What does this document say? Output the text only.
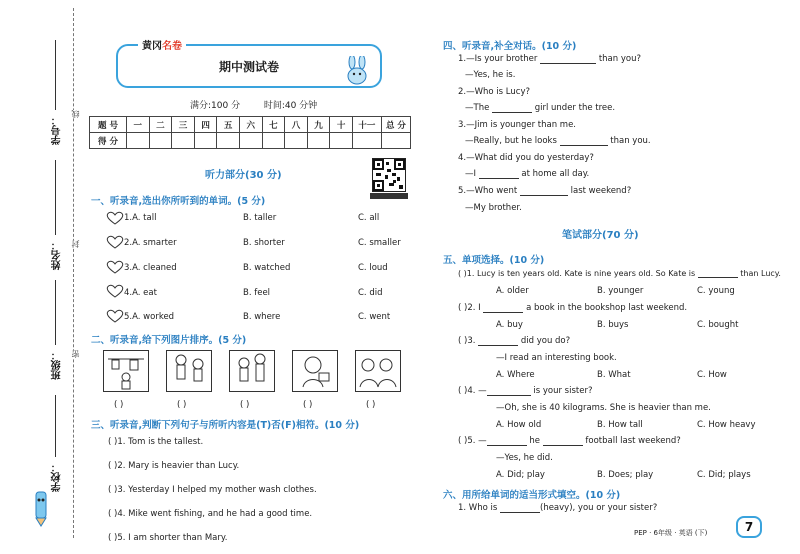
学号：
姓名：
班级：
学校：
线
封
密
黄冈名卷
期中测试卷
满分:100 分	时间:40 分钟
题 号	一	二	三	四	五	六	七	八	九	十	十一	总 分
得 分												
听力部分(30 分)
一、听录音,选出你所听到的单词。(5 分)
1.A. tall	B. taller	C. all
2.A. smarter	B. shorter	C. smaller
3.A. cleaned	B. watched	C. loud
4.A. eat	B. feel	C. did
5.A. worked	B. where	C. went
二、听录音,给下列图片排序。(5 分)
( )	( )	( )	( )	( )
三、听录音,判断下列句子与所听内容是(T)否(F)相符。(10 分)
( )1. Tom is the tallest.
( )2. Mary is heavier than Lucy.
( )3. Yesterday I helped my mother wash clothes.
( )4. Mike went fishing, and he had a good time.
( )5. I am shorter than Mary.
四、听录音,补全对话。(10 分)
1.—Is your brother	than you?
—Yes, he is.
2.—Who is Lucy?
—The	girl under the tree.
3.—Jim is younger than me.
—Really, but he looks	than you.
4.—What did you do yesterday?
—I	at home all day.
5.—Who went	last weekend?
—My brother.
笔试部分(70 分)
五、单项选择。(10 分)
( )1. Lucy is ten years old. Kate is nine years old. So Kate is	than Lucy.
A. older	B. younger	C. young
( )2. I	a book in the bookshop last weekend.
A. buy	B. buys	C. bought
( )3.	did you do?
—I read an interesting book.
A. Where	B. What	C. How
( )4. —	is your sister?
—Oh, she is 40 kilograms. She is heavier than me.
A. How old	B. How tall	C. How heavy
( )5. —	he	football last weekend?
—Yes, he did.
A. Did; play	B. Does; play	C. Did; plays
六、用所给单词的适当形式填空。(10 分)
1. Who is	(heavy), you or your sister?
PEP · 6年级 · 英语 (下)	7
